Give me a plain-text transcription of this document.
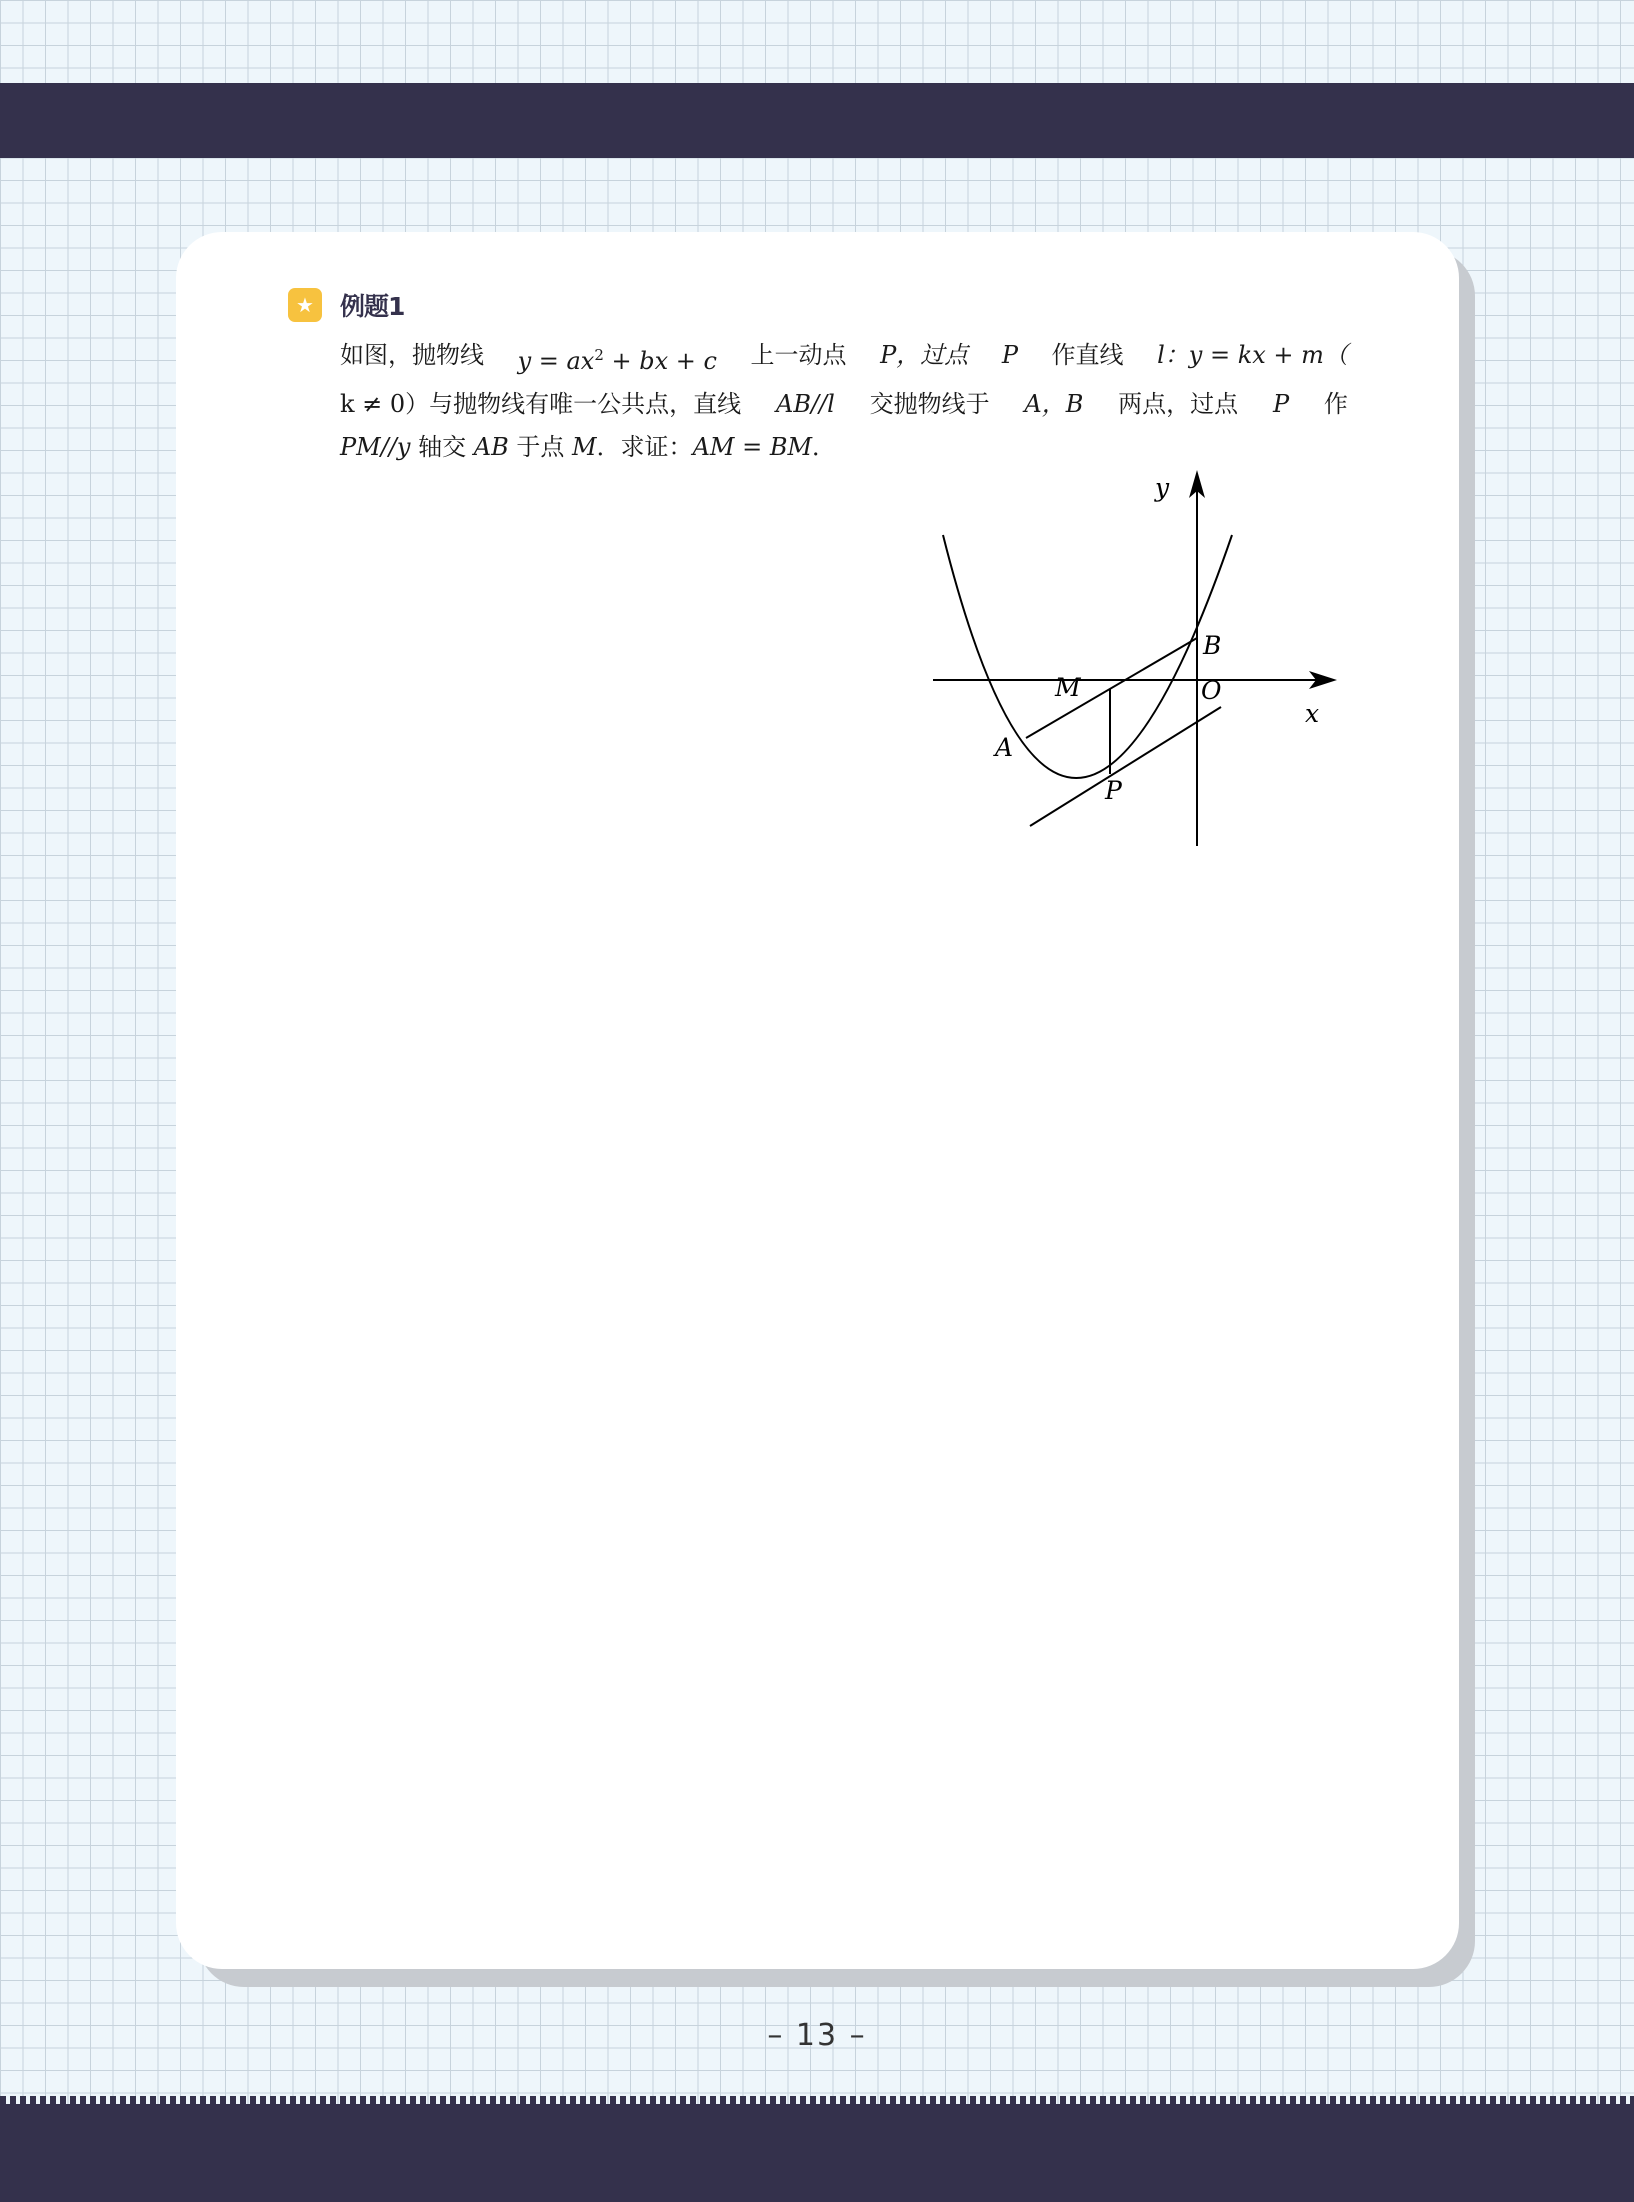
★	例题1
如图，抛物线 $y = ax^2$ + bx + c 上一动点 P，过点 P 作直线 l：y = kx + m（
k ≠ 0）与抛物线有唯一公共点，直线 AB//l 交抛物线于 A，B 两点，过点 P 作
PM//y
轴交
AB
于点
M ．求证： AM = BM ．
y
x
B
O
M
A
P
– 13 –
